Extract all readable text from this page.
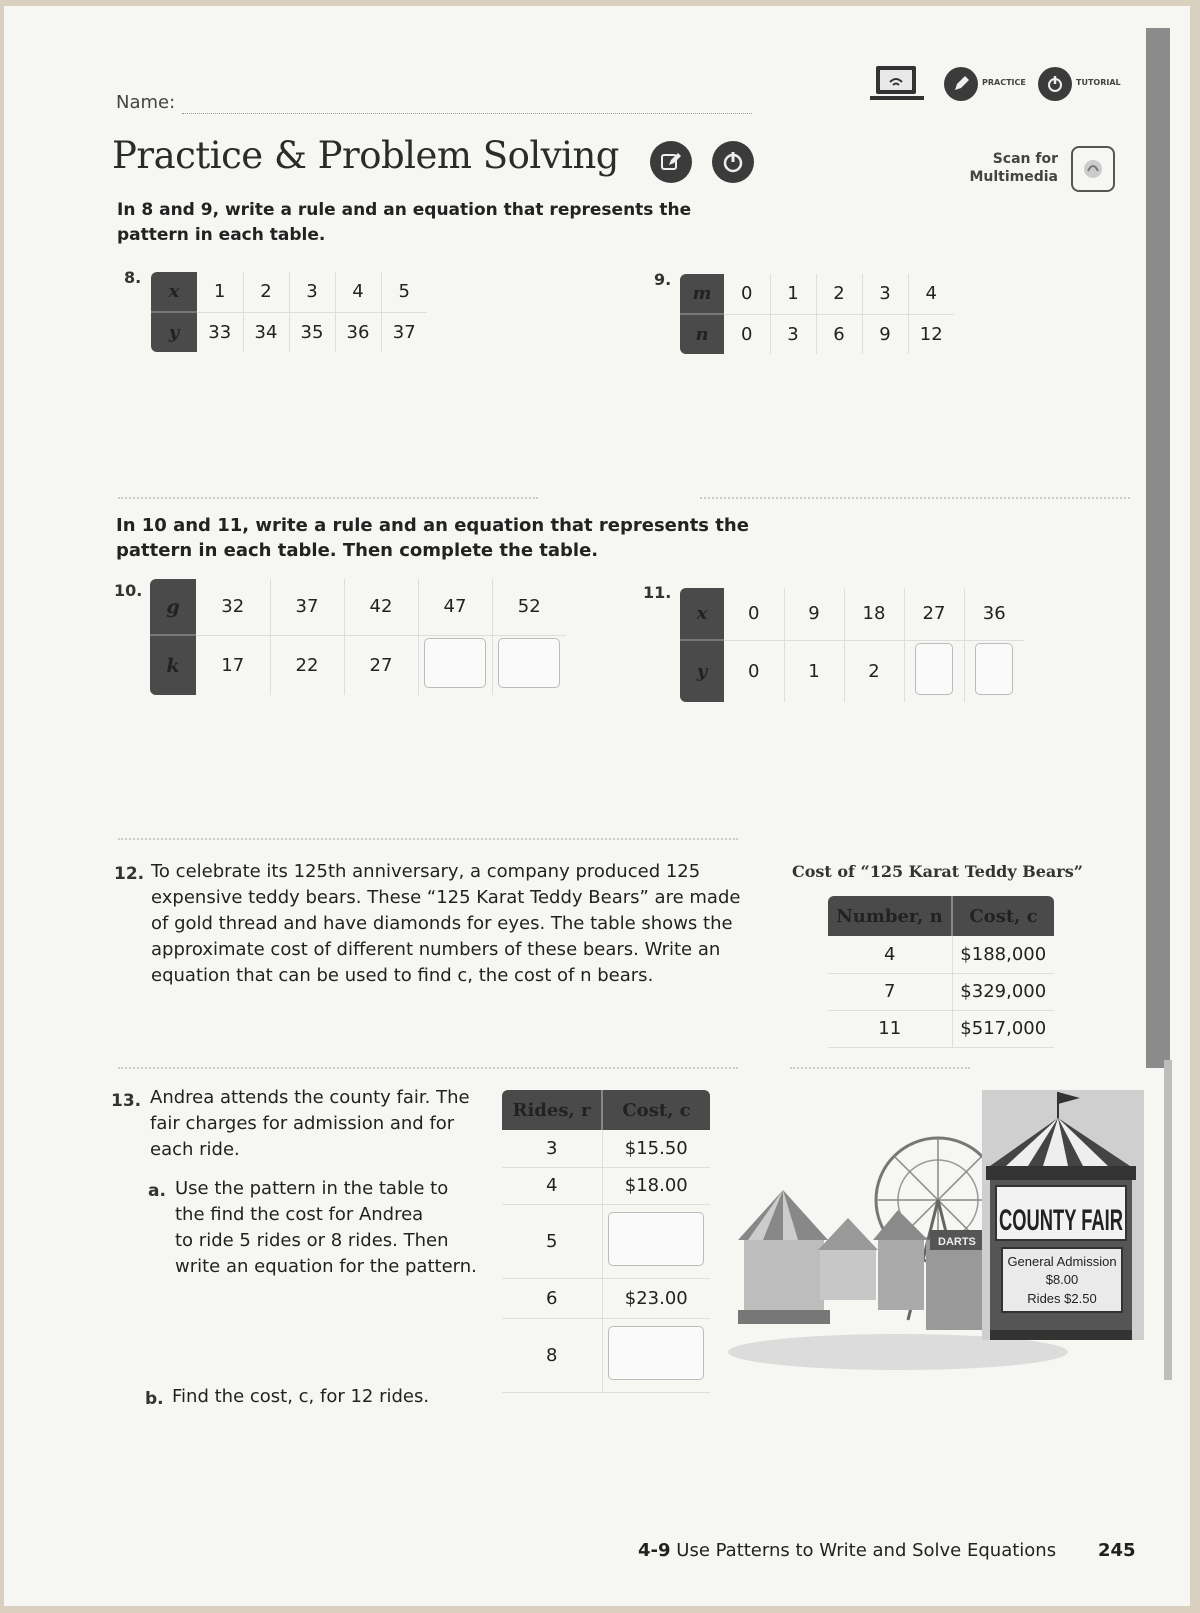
Name:
PRACTICE	TUTORIAL
Practice & Problem Solving	Scan for
Multimedia
In 8 and 9, write a rule and an equation that represents the
pattern in each table.
8.
x	1	2	3	4	5
y	33	34	35	36	37
9.
m	0	1	2	3	4
n	0	3	6	9	12
In 10 and 11, write a rule and an equation that represents the
pattern in each table. Then complete the table.
10.
g	32	37	42	47	52
k	17	22	27		
11.
x	0	9	18	27	36
y	0	1	2		
12. To celebrate its 125th anniversary, a company produced 125
expensive teddy bears. These “125 Karat Teddy Bears” are made
of gold thread and have diamonds for eyes. The table shows the
approximate cost of different numbers of these bears. Write an
equation that can be used to find c, the cost of n bears.
Cost of “125 Karat Teddy Bears”
Number, n	Cost, c
4	$188,000
7	$329,000
11	$517,000
13. Andrea attends the county fair. The
fair charges for admission and for
each ride.
a. Use the pattern in the table to
the find the cost for Andrea
to ride 5 rides or 8 rides. Then
write an equation for the pattern.
b. Find the cost, c, for 12 rides.
Rides, r	Cost, c
3	$15.50
4	$18.00
5	
6	$23.00
8	
DARTS
COUNTY FAIR
General Admission
$8.00
Rides $2.50
4-9 Use Patterns to Write and Solve Equations 245
